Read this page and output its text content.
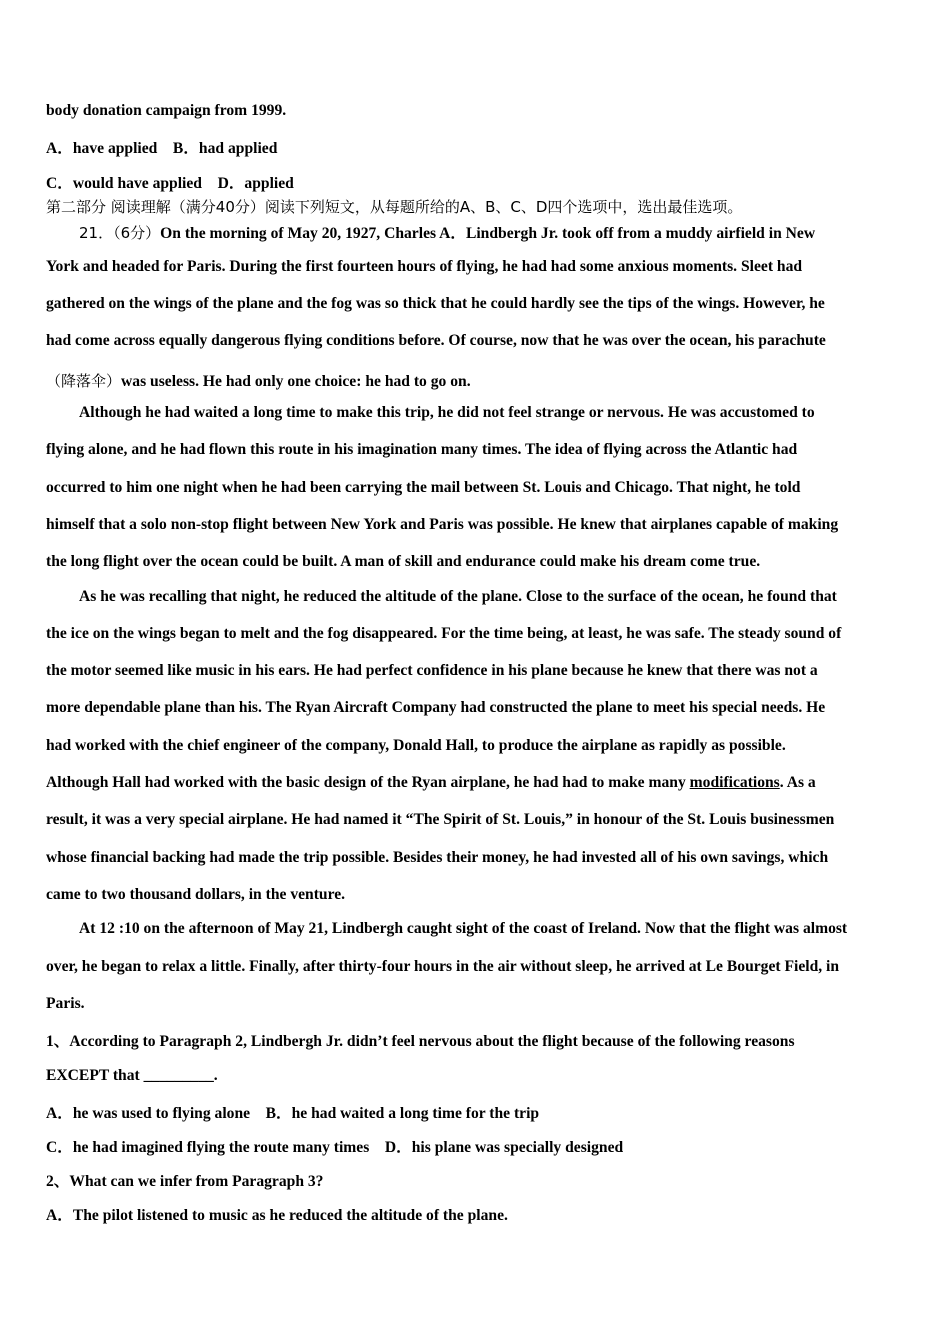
body donation campaign from 1999.
A．have applied　B．had applied
C．would have applied　D．applied
第二部分 阅读理解（满分40分）阅读下列短文，从每题所给的A、B、C、D四个选项中，选出最佳选项。
21．（6分）On the morning of May 20, 1927, Charles A．Lindbergh Jr. took off from a muddy airfield in New
York and headed for Paris. During the first fourteen hours of flying, he had had some anxious moments. Sleet had
gathered on the wings of the plane and the fog was so thick that he could hardly see the tips of the wings. However, he
had come across equally dangerous flying conditions before. Of course, now that he was over the ocean, his parachute
（降落伞）was useless. He had only one choice: he had to go on.
Although he had waited a long time to make this trip, he did not feel strange or nervous. He was accustomed to
flying alone, and he had flown this route in his imagination many times. The idea of flying across the Atlantic had
occurred to him one night when he had been carrying the mail between St. Louis and Chicago. That night, he told
himself that a solo non-stop flight between New York and Paris was possible. He knew that airplanes capable of making
the long flight over the ocean could be built. A man of skill and endurance could make his dream come true.
As he was recalling that night, he reduced the altitude of the plane. Close to the surface of the ocean, he found that
the ice on the wings began to melt and the fog disappeared. For the time being, at least, he was safe. The steady sound of
the motor seemed like music in his ears. He had perfect confidence in his plane because he knew that there was not a
more dependable plane than his. The Ryan Aircraft Company had constructed the plane to meet his special needs. He
had worked with the chief engineer of the company, Donald Hall, to produce the airplane as rapidly as possible.
Although Hall had worked with the basic design of the Ryan airplane, he had had to make many modifications. As a
result, it was a very special airplane. He had named it “The Spirit of St. Louis,” in honour of the St. Louis businessmen
whose financial backing had made the trip possible. Besides their money, he had invested all of his own savings, which
came to two thousand dollars, in the venture.
At 12 :10 on the afternoon of May 21, Lindbergh caught sight of the coast of Ireland. Now that the flight was almost
over, he began to relax a little. Finally, after thirty-four hours in the air without sleep, he arrived at Le Bourget Field, in
Paris.
1、According to Paragraph 2, Lindbergh Jr. didn’t feel nervous about the flight because of the following reasons
EXCEPT that _________.
A．he was used to flying alone　B．he had waited a long time for the trip
C．he had imagined flying the route many times　D．his plane was specially designed
2、What can we infer from Paragraph 3?
A．The pilot listened to music as he reduced the altitude of the plane.
